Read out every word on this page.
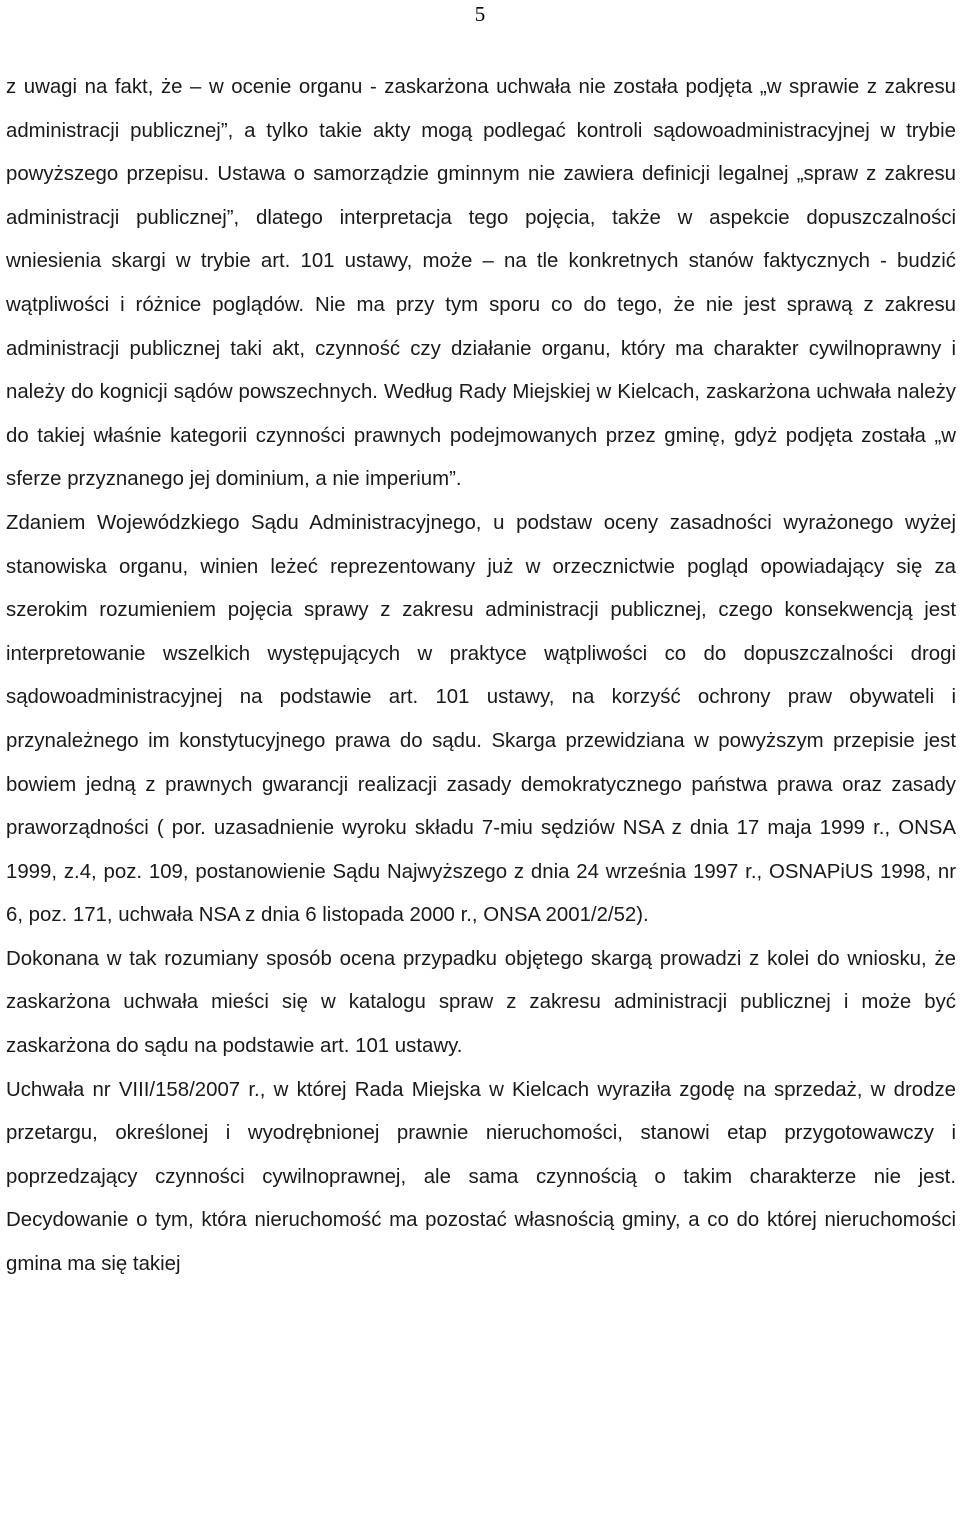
5

z uwagi na fakt, że – w ocenie organu - zaskarżona uchwała nie została podjęta „w sprawie z zakresu administracji publicznej”, a tylko takie akty mogą podlegać kontroli sądowoadministracyjnej w trybie powyższego przepisu. Ustawa o samorządzie gminnym nie zawiera definicji legalnej „spraw z zakresu administracji publicznej”, dlatego interpretacja tego pojęcia, także w aspekcie dopuszczalności wniesienia skargi w trybie art. 101 ustawy, może – na tle konkretnych stanów faktycznych - budzić wątpliwości i różnice poglądów. Nie ma przy tym sporu co do tego, że nie jest sprawą z zakresu administracji publicznej taki akt, czynność czy działanie organu, który ma charakter cywilnoprawny i należy do kognicji sądów powszechnych. Według Rady Miejskiej w Kielcach, zaskarżona uchwała należy do takiej właśnie kategorii czynności prawnych podejmowanych przez gminę, gdyż podjęta została „w sferze przyznanego jej dominium, a nie imperium”.

Zdaniem Wojewódzkiego Sądu Administracyjnego, u podstaw oceny zasadności wyrażonego wyżej stanowiska organu, winien leżeć reprezentowany już w orzecznictwie pogląd opowiadający się za szerokim rozumieniem pojęcia sprawy z zakresu administracji publicznej, czego konsekwencją jest interpretowanie wszelkich występujących w praktyce wątpliwości co do dopuszczalności drogi sądowoadministracyjnej na podstawie art. 101 ustawy, na korzyść ochrony praw obywateli i przynależnego im konstytucyjnego prawa do sądu. Skarga przewidziana w powyższym przepisie jest bowiem jedną z prawnych gwarancji realizacji zasady demokratycznego państwa prawa oraz zasady praworządności ( por. uzasadnienie wyroku składu 7-miu sędziów NSA z dnia 17 maja 1999 r., ONSA 1999, z.4, poz. 109, postanowienie Sądu Najwyższego z dnia 24 września 1997 r., OSNAPiUS 1998, nr 6, poz. 171, uchwała NSA z dnia 6 listopada 2000 r., ONSA 2001/2/52).

Dokonana w tak rozumiany sposób ocena przypadku objętego skargą prowadzi z kolei do wniosku, że zaskarżona uchwała mieści się w katalogu spraw z zakresu administracji publicznej i może być zaskarżona do sądu na podstawie art. 101 ustawy.

Uchwała nr VIII/158/2007 r., w której Rada Miejska w Kielcach wyraziła zgodę na sprzedaż, w drodze przetargu, określonej i wyodrębnionej prawnie nieruchomości, stanowi etap przygotowawczy i poprzedzający czynności cywilnoprawnej, ale sama czynnością o takim charakterze nie jest. Decydowanie o tym, która nieruchomość ma pozostać własnością gminy, a co do której nieruchomości gmina ma się takiej
